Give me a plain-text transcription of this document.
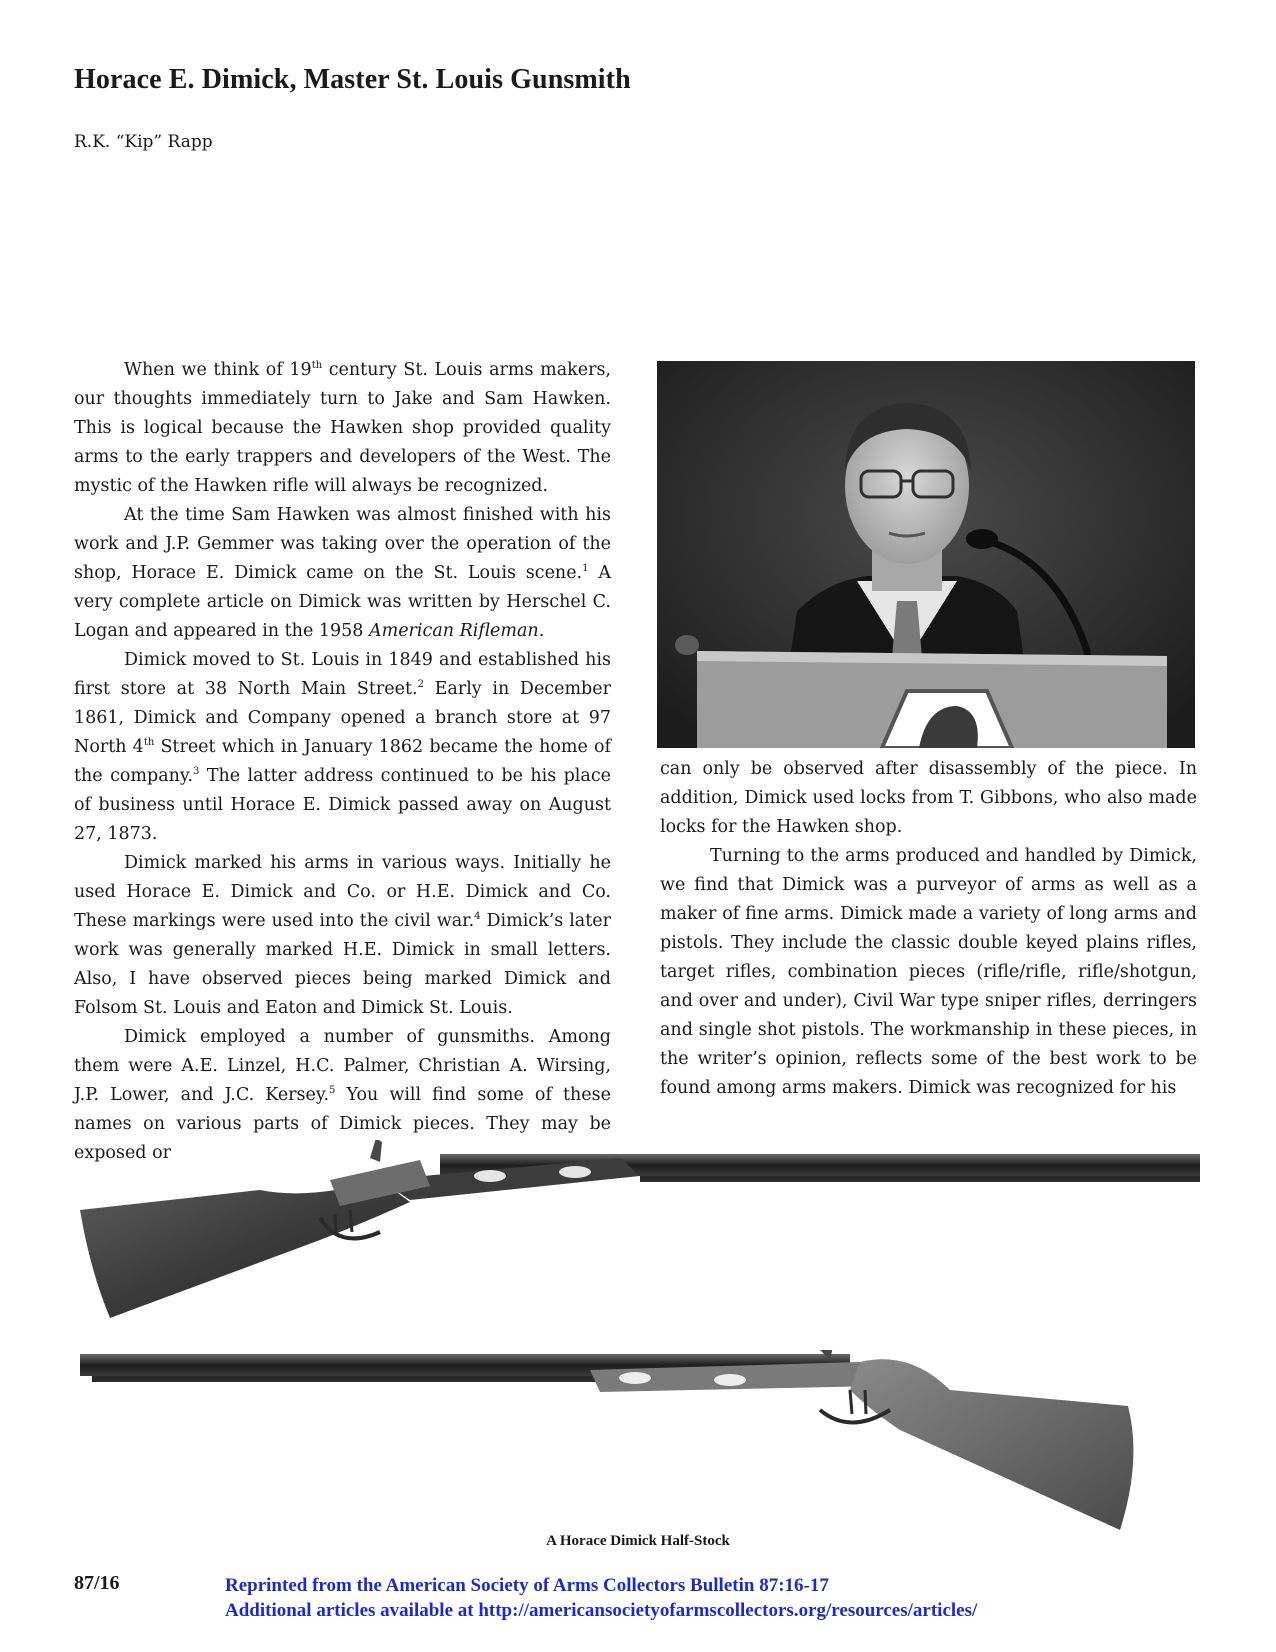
Horace E. Dimick, Master St. Louis Gunsmith
R.K. “Kip” Rapp

When we think of 19th century St. Louis arms makers, our thoughts immediately turn to Jake and Sam Hawken. This is logical because the Hawken shop provided quality arms to the early trappers and developers of the West. The mystic of the Hawken rifle will always be recognized.

At the time Sam Hawken was almost finished with his work and J.P. Gemmer was taking over the operation of the shop, Horace E. Dimick came on the St. Louis scene.$^1$ A very complete article on Dimick was written by Herschel C. Logan and appeared in the 1958 American Rifleman.

Dimick moved to St. Louis in 1849 and established his first store at 38 North Main Street.$^2$ Early in December 1861, Dimick and Company opened a branch store at 97 North 4th Street which in January 1862 became the home of the company.$^3$ The latter address continued to be his place of business until Horace E. Dimick passed away on August 27, 1873.

Dimick marked his arms in various ways. Initially he used Horace E. Dimick and Co. or H.E. Dimick and Co. These markings were used into the civil war.$^4$ Dimick’s later work was generally marked H.E. Dimick in small letters. Also, I have observed pieces being marked Dimick and Folsom St. Louis and Eaton and Dimick St. Louis.

Dimick employed a number of gunsmiths. Among them were A.E. Linzel, H.C. Palmer, Christian A. Wirsing, J.P. Lower, and J.C. Kersey.$^5$ You will find some of these names on various parts of Dimick pieces. They may be exposed or

can only be observed after disassembly of the piece. In addition, Dimick used locks from T. Gibbons, who also made locks for the Hawken shop.

Turning to the arms produced and handled by Dimick, we find that Dimick was a purveyor of arms as well as a maker of fine arms. Dimick made a variety of long arms and pistols. They include the classic double keyed plains rifles, target rifles, combination pieces (rifle/rifle, rifle/shotgun, and over and under), Civil War type sniper rifles, derringers and single shot pistols. The workmanship in these pieces, in the writer’s opinion, reflects some of the best work to be found among arms makers. Dimick was recognized for his

A Horace Dimick Half-Stock
87/16	Reprinted from the American Society of Arms Collectors Bulletin 87:16-17
Additional articles available at http://americansocietyofarmscollectors.org/resources/articles/
